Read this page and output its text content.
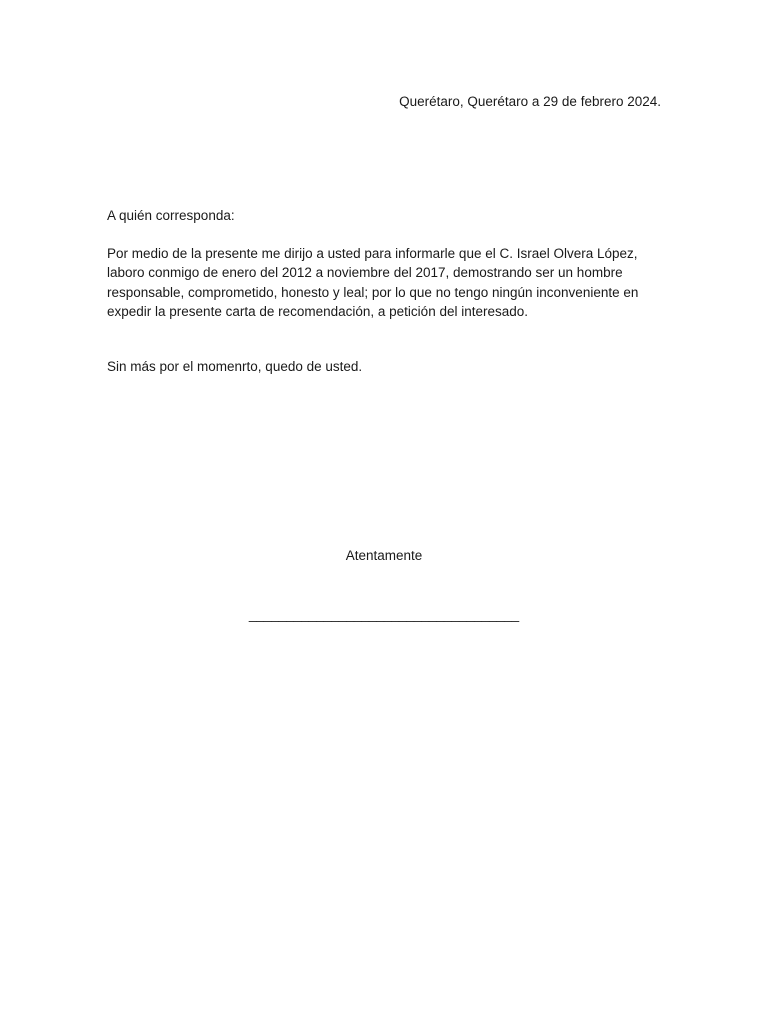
Querétaro, Querétaro a 29 de febrero 2024.
A quién corresponda:
Por medio de la presente me dirijo a usted para informarle que el C. Israel Olvera López,
laboro conmigo de enero del 2012 a noviembre del 2017, demostrando ser un hombre
responsable, comprometido, honesto y leal; por lo que no tengo ningún inconveniente en
expedir la presente carta de recomendación, a petición del interesado.
Sin más por el momenrto, quedo de usted.
Atentamente
____________________________________
